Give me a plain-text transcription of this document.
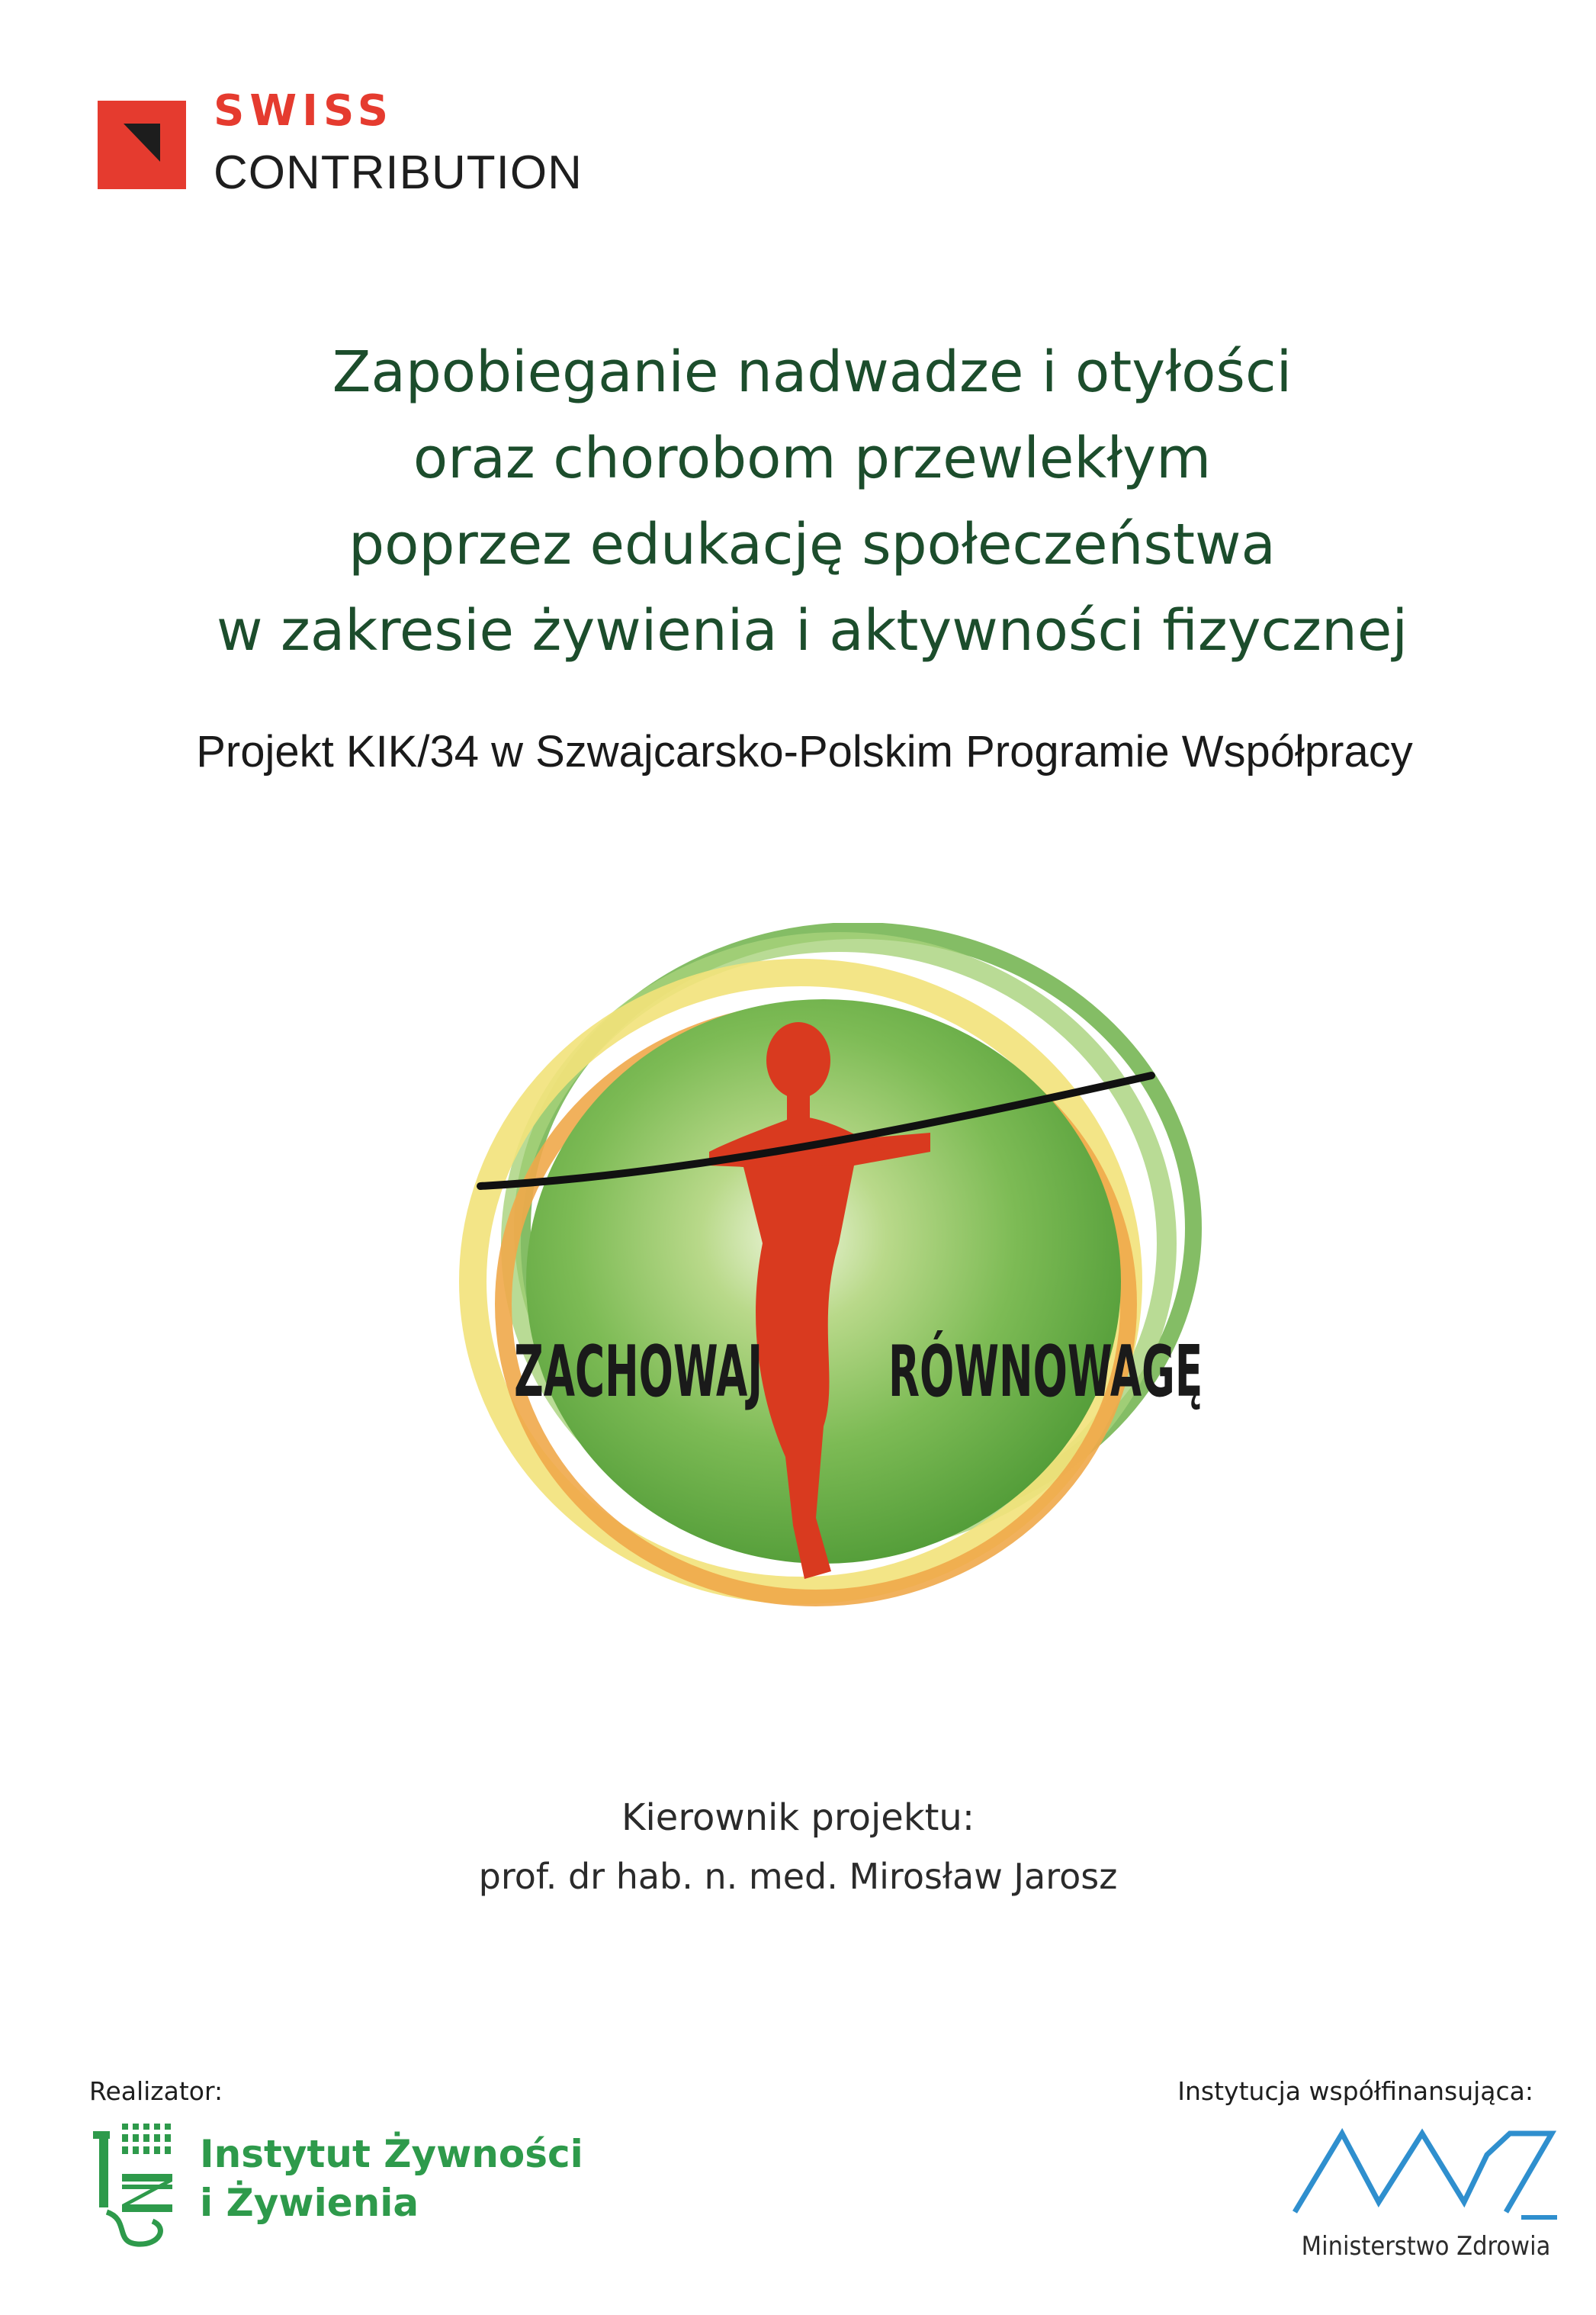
SWISS
CONTRIBUTION
Zapobieganie nadwadze i otyłości
oraz chorobom przewlekłym
poprzez edukację społeczeństwa
w zakresie żywienia i aktywności fizycznej
Projekt KIK/34 w Szwajcarsko-Polskim Programie Współpracy
ZACHOWAJ RÓWNOWAGĘ
Kierownik projektu:
prof. dr hab. n. med. Mirosław Jarosz
Realizator:
Instytut Żywności
i Żywienia
Instytucja współfinansująca:
Ministerstwo Zdrowia
